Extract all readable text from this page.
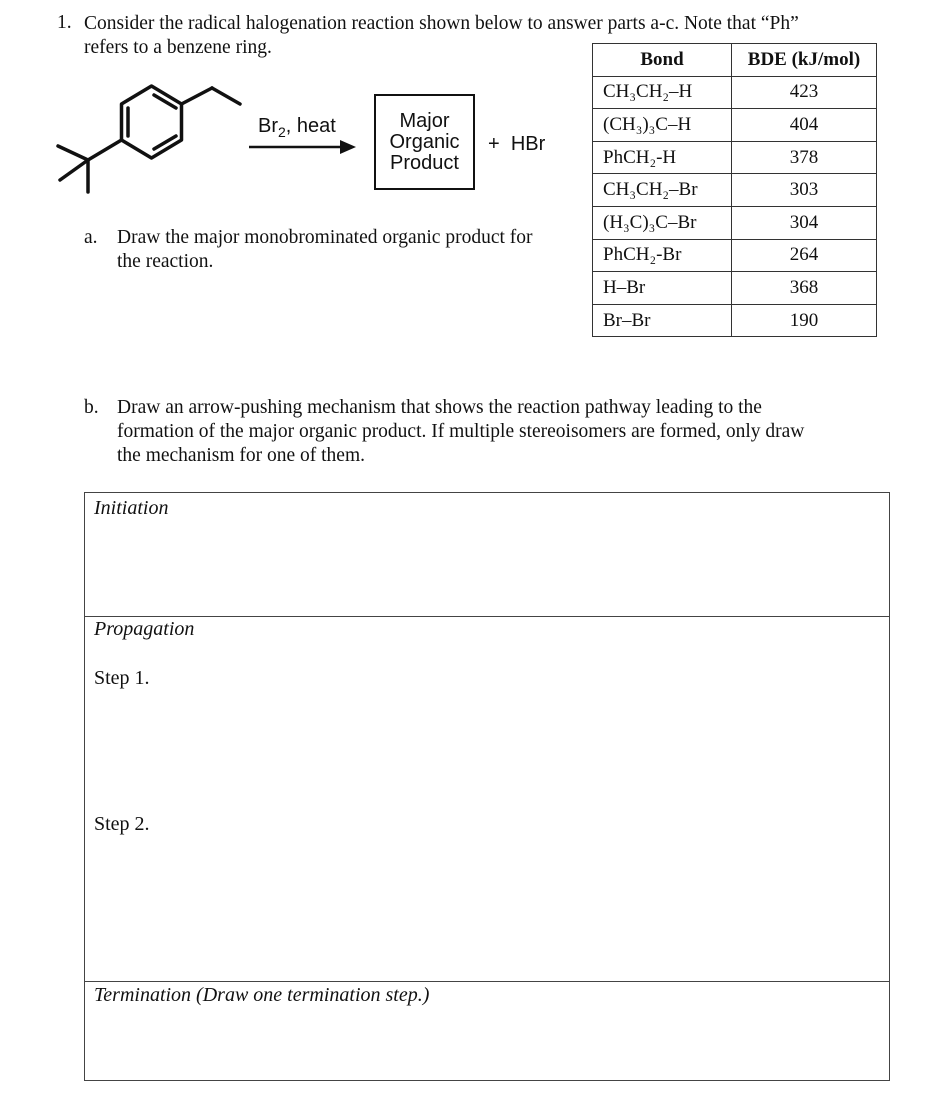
1. Consider the radical halogenation reaction shown below to answer parts a-c. Note that “Ph”
refers to a benzene ring.
$Br_2$, heat	Major
Organic
Product
+ HBr
Bond	BDE (kJ/mol)
CH₃CH₂–H	423
(CH₃)₃C–H	404
PhCH₂-H	378
CH₃CH₂–Br	303
(H₃C)₃C–Br	304
PhCH₂-Br	264
H–Br	368
Br–Br	190
a. Draw the major monobrominated organic product for
the reaction.
b. Draw an arrow-pushing mechanism that shows the reaction pathway leading to the
formation of the major organic product. If multiple stereoisomers are formed, only draw
the mechanism for one of them.
Initiation
Propagation
Step 1.
Step 2.
Termination (Draw one termination step.)
